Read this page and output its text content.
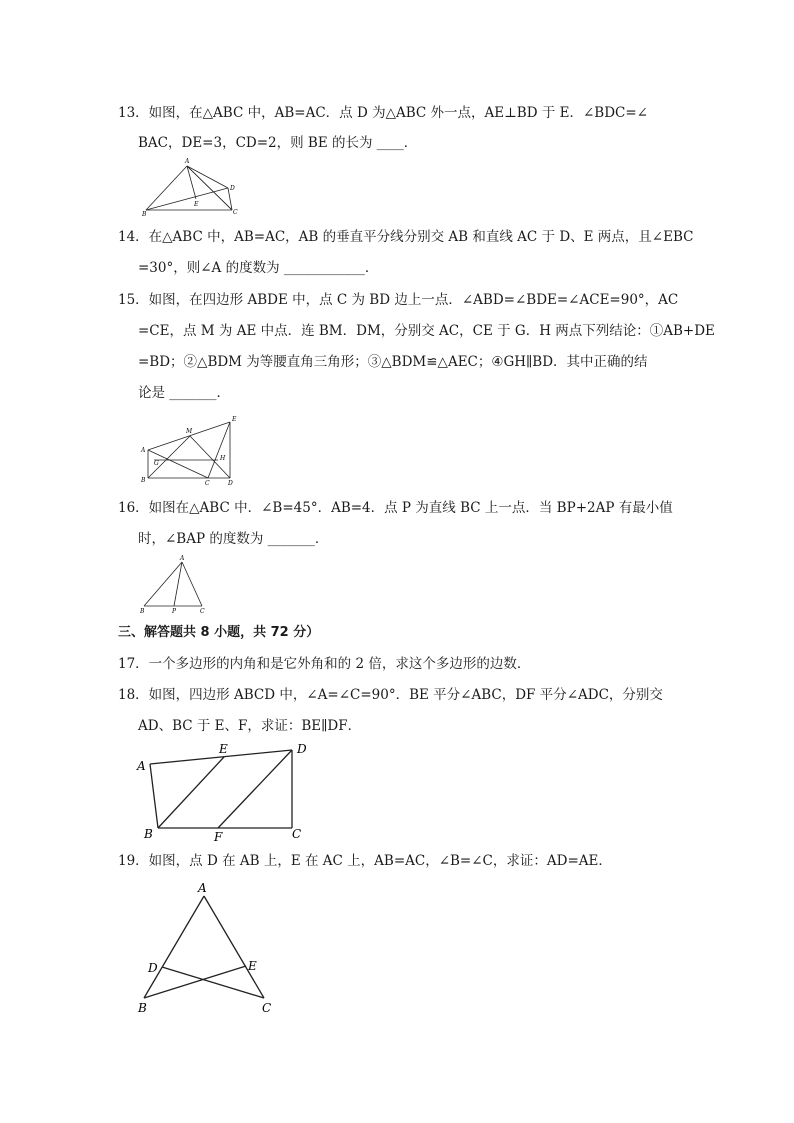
13．如图，在△ABC 中，AB=AC．点 D 为△ABC 外一点，AE⊥BD 于 E．∠BDC=∠
BAC，DE=3，CD=2，则 BE 的长为 ____．
A
B	C
D
E
14．在△ABC 中，AB=AC，AB 的垂直平分线分别交 AB 和直线 AC 于 D、E 两点，且∠EBC
=30°，则∠A 的度数为 ____________．
15．如图，在四边形 ABDE 中，点 C 为 BD 边上一点．∠ABD=∠BDE=∠ACE=90°，AC
=CE，点 M 为 AE 中点．连 BM．DM，分别交 AC，CE 于 G．H 两点下列结论：①AB+DE
=BD；②△BDM 为等腰直角三角形；③△BDM≌△AEC；④GH∥BD．其中正确的结
论是 _______．
A
B	C	D
E
M
G
H
16．如图在△ABC 中．∠B=45°．AB=4．点 P 为直线 BC 上一点．当 BP+2AP 有最小值
时，∠BAP 的度数为 _______．
A
B	P	C
三、解答题共 8 小题，共 72 分）
17．一个多边形的内角和是它外角和的 2 倍，求这个多边形的边数．
18．如图，四边形 ABCD 中，∠A=∠C=90°．BE 平分∠ABC，DF 平分∠ADC，分别交
AD、BC 于 E、F，求证：BE∥DF．
A
E	D
B	F	C
19．如图，点 D 在 AB 上，E 在 AC 上，AB=AC，∠B=∠C，求证：AD=AE．
A
D	E
B	C
